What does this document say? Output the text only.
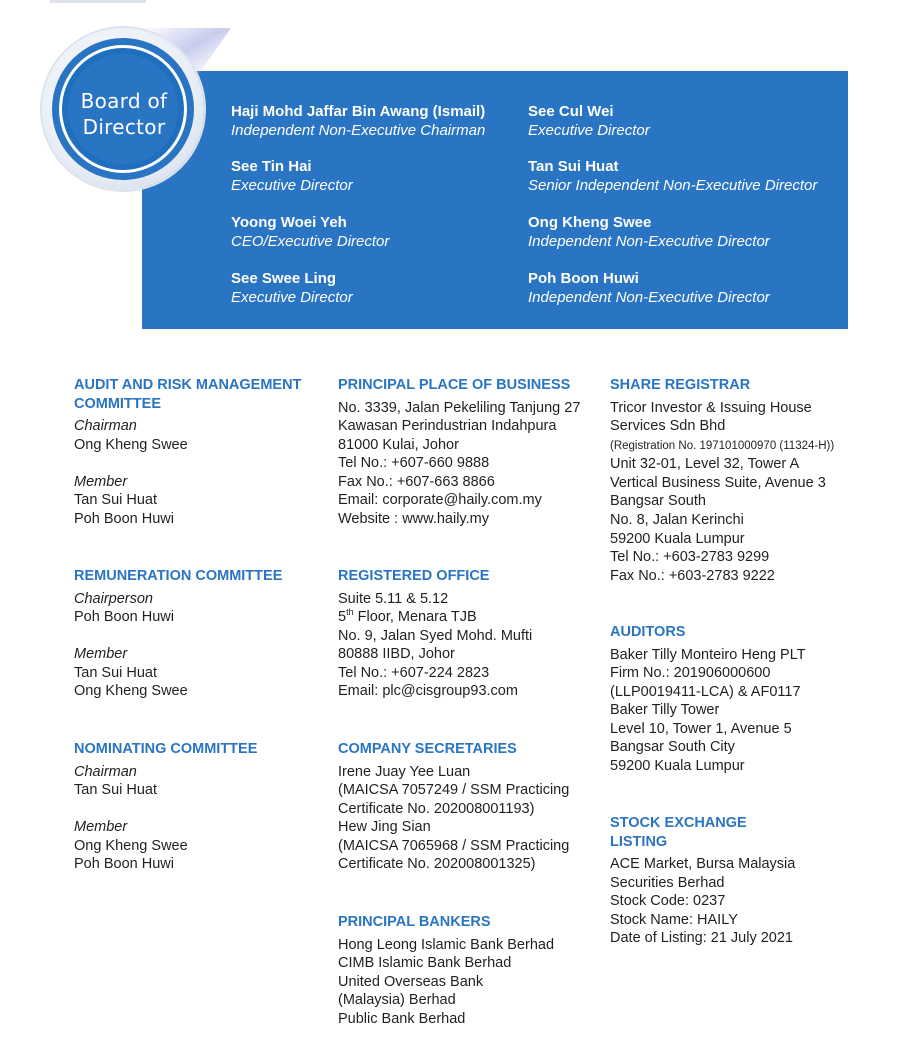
Board of
Director
Haji Mohd Jaffar Bin Awang (Ismail)
Independent Non-Executive Chairman
See Tin Hai
Executive Director
Yoong Woei Yeh
CEO/Executive Director
See Swee Ling
Executive Director
See Cul Wei
Executive Director
Tan Sui Huat
Senior Independent Non-Executive Director
Ong Kheng Swee
Independent Non-Executive Director
Poh Boon Huwi
Independent Non-Executive Director
AUDIT AND RISK MANAGEMENT
COMMITTEE
Chairman
Ong Kheng Swee

Member
Tan Sui Huat
Poh Boon Huwi
REMUNERATION COMMITTEE
Chairperson
Poh Boon Huwi

Member
Tan Sui Huat
Ong Kheng Swee
NOMINATING COMMITTEE
Chairman
Tan Sui Huat

Member
Ong Kheng Swee
Poh Boon Huwi
PRINCIPAL PLACE OF BUSINESS
No. 3339, Jalan Pekeliling Tanjung 27
Kawasan Perindustrian Indahpura
81000 Kulai, Johor
Tel No.: +607-660 9888
Fax No.: +607-663 8866
Email: corporate@haily.com.my
Website : www.haily.my
REGISTERED OFFICE
Suite 5.11 & 5.12
5th Floor, Menara TJB
No. 9, Jalan Syed Mohd. Mufti
80888 IIBD, Johor
Tel No.: +607-224 2823
Email: plc@cisgroup93.com
COMPANY SECRETARIES
Irene Juay Yee Luan
(MAICSA 7057249 / SSM Practicing
Certificate No. 202008001193)
Hew Jing Sian
(MAICSA 7065968 / SSM Practicing
Certificate No. 202008001325)
PRINCIPAL BANKERS
Hong Leong Islamic Bank Berhad
CIMB Islamic Bank Berhad
United Overseas Bank
(Malaysia) Berhad
Public Bank Berhad
SHARE REGISTRAR
Tricor Investor & Issuing House
Services Sdn Bhd
(Registration No. 197101000970 (11324-H))
Unit 32-01, Level 32, Tower A
Vertical Business Suite, Avenue 3
Bangsar South
No. 8, Jalan Kerinchi
59200 Kuala Lumpur
Tel No.: +603-2783 9299
Fax No.: +603-2783 9222
AUDITORS
Baker Tilly Monteiro Heng PLT
Firm No.: 201906000600
(LLP0019411-LCA) & AF0117
Baker Tilly Tower
Level 10, Tower 1, Avenue 5
Bangsar South City
59200 Kuala Lumpur
STOCK EXCHANGE
LISTING
ACE Market, Bursa Malaysia
Securities Berhad
Stock Code: 0237
Stock Name: HAILY
Date of Listing: 21 July 2021
